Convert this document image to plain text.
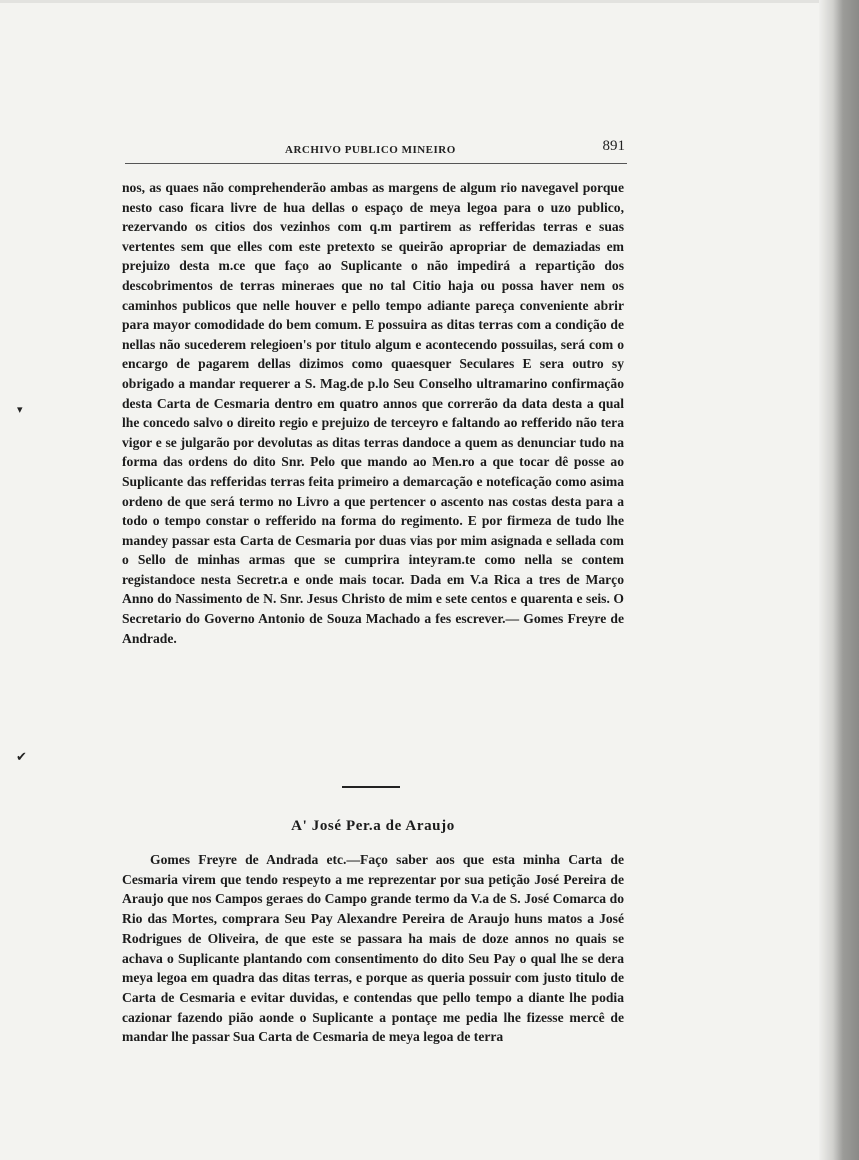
ARCHIVO PUBLICO MINEIRO	891

nos, as quaes não comprehenderão ambas as margens de algum rio navegavel porque nesto caso ficara livre de hua dellas o espaço de meya legoa para o uzo publico, rezervando os citios dos vezinhos com q.m partirem as refferidas terras e suas vertentes sem que elles com este pretexto se queirão apropriar de demaziadas em prejuizo desta m.ce que faço ao Suplicante o não impedirá a repartição dos descobrimentos de terras mineraes que no tal Citio haja ou possa haver nem os caminhos publicos que nelle houver e pello tempo adiante pareça conveniente abrir para mayor comodidade do bem comum. E possuira as ditas terras com a condição de nellas não sucederem relegioen's por titulo algum e acontecendo possuilas, será com o encargo de pagarem dellas dizimos como quaesquer Seculares E sera outro sy obrigado a mandar requerer a S. Mag.de p.lo Seu Conselho ultramarino confirmação desta Carta de Cesmaria dentro em quatro annos que correrão da data desta a qual lhe concedo salvo o direito regio e prejuizo de terceyro e faltando ao refferido não tera vigor e se julgarão por devolutas as ditas terras dandoce a quem as denunciar tudo na forma das ordens do dito Snr. Pelo que mando ao Men.ro a que tocar dê posse ao Suplicante das refferidas terras feita primeiro a demarcação e noteficação como asima ordeno de que será termo no Livro a que pertencer o ascento nas costas desta para a todo o tempo constar o refferido na forma do regimento. E por firmeza de tudo lhe mandey passar esta Carta de Cesmaria por duas vias por mim asignada e sellada com o Sello de minhas armas que se cumprira inteyram.te como nella se contem registandoce nesta Secretr.a e onde mais tocar. Dada em V.a Rica a tres de Março Anno do Nassimento de N. Snr. Jesus Christo de mim e sete centos e quarenta e seis. O Secretario do Governo Antonio de Souza Machado a fes escrever.— Gomes Freyre de Andrade.

▾
✔
A' José Per.a de Araujo

Gomes Freyre de Andrada etc.—Faço saber aos que esta minha Carta de Cesmaria virem que tendo respeyto a me reprezentar por sua petição José Pereira de Araujo que nos Campos geraes do Campo grande termo da V.a de S. José Comarca do Rio das Mortes, comprara Seu Pay Alexandre Pereira de Araujo huns matos a José Rodrigues de Oliveira, de que este se passara ha mais de doze annos no quais se achava o Suplicante plantando com consentimento do dito Seu Pay o qual lhe se dera meya legoa em quadra das ditas terras, e porque as queria possuir com justo titulo de Carta de Cesmaria e evitar duvidas, e contendas que pello tempo a diante lhe podia cazionar fazendo pião aonde o Suplicante a pontaçe me pedia lhe fizesse mercê de mandar lhe passar Sua Carta de Cesmaria de meya legoa de terra
